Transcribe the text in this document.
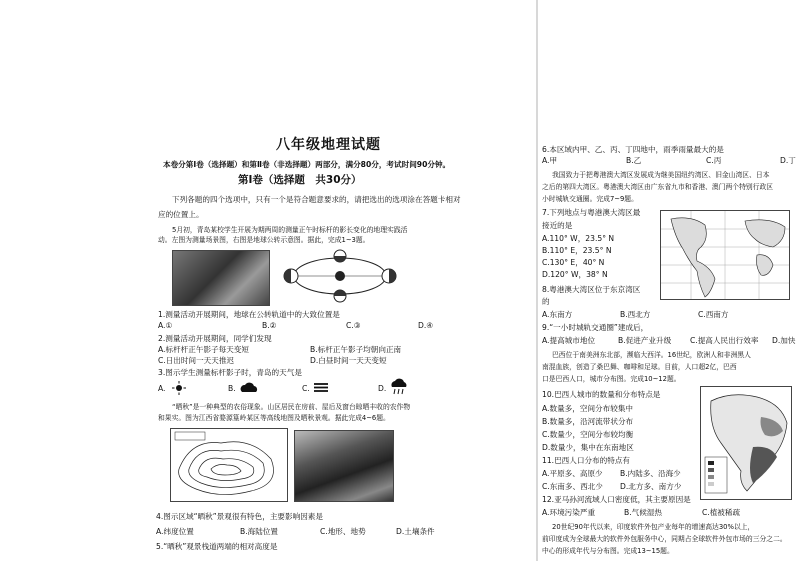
八年级地理试题
本卷分第Ⅰ卷（选择题）和第Ⅱ卷（非选择题）两部分，满分80分，考试时间90分钟。
第Ⅰ卷（选择题　共30分）
下列各题的四个选项中，只有一个是符合题意要求的，请把选出的选项涂在答题卡相对
应的位置上。
5月初，青岛某校学生开展为期两周的测量正午时标杆的影长变化的地理实践活
动。左图为测量场景图，右图是地球公转示意图。据此，完成1~3题。
1.测量活动开展期间，地球在公转轨道中的大致位置是
A.①	B.②	C.③	D.④
2.测量活动开展期间，同学们发现
A.标杆杆正午影子每天变短	B.标杆正午影子均朝向正南
C.日出时间一天天推迟	D.白昼时间一天天变短
3.图示学生测量标杆影子时，青岛的天气是
A.	B.	C.	D.
“晒秋”是一种典型的农俗现象。山区居民在房前、屋后及窗台晾晒丰收的农作物
和果实。图为江西省婺源篁岭某区等高线地图及晒秋景观。据此完成4~6题。
4.图示区域“晒秋”景观很有特色，主要影响因素是
A.纬度位置	B.海陆位置	C.地形、地势	D.土壤条件
5.“晒秋”观景栈道两端的相对高度是
6.本区域内甲、乙、丙、丁四地中，雨季雨量最大的是
A.甲	B.乙	C.丙	D.丁
我国致力于把粤港澳大湾区发展成为继美国纽约湾区、旧金山湾区、日本
之后的第四大湾区。粤港澳大湾区由广东省九市和香港、澳门两个特别行政区
小时城轨交通圈。完成7~9题。
7.下列地点与粤港澳大湾区最
接近的是
A.110° W，23.5° N
B.110° E，23.5° N
C.130° E，40° N
D.120° W，38° N
8.粤港澳大湾区位于东京湾区
的
A.东南方	B.西北方	C.西南方
9.“一小时城轨交通圈”建成后，
A.提高城市地位	B.促进产业升级 C.提高人民出行效率 D.加快
巴西位于南美洲东北部，濒临大西洋。16世纪，欧洲人和非洲黑人
南混血族，创造了桑巴舞、咖啡和足球。目前，人口超2亿，巴西
口是巴西人口，城市分布图。完成10~12题。
10.巴西人城市的数量和分布特点是
A.数量多，空间分布较集中
B.数量多，沿河流带状分布
C.数量少，空间分布较均衡
D.数量少，集中在东南地区
11.巴西人口分布的特点有
A.平原多、高原少 B.内陆多、沿海少
C.东南多、西北少 D.北方多、南方少
12.亚马孙河流域人口密度低，其主要原因是
A.环境污染严重	B.气候湿热	C.植被稀疏
20世纪90年代以来，印度软件外包产业每年的增速高达30%以上，
前印度成为全球最大的软件外包服务中心，同期占全球软件外包市场的三分之二。
中心的形成年代与分布图。完成13~15题。
